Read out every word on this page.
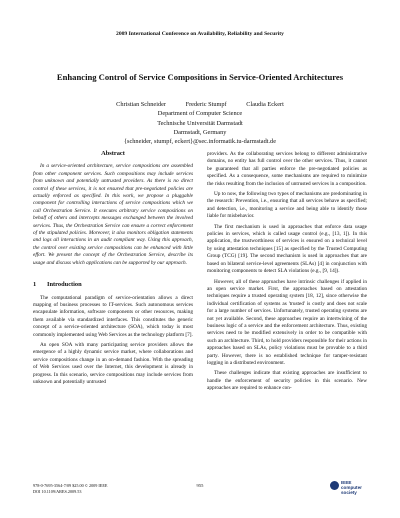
2009 International Conference on Availability, Reliability and Security
Enhancing Control of Service Compositions in Service-Oriented Architectures
Christian Schneider	Frederic Stumpf	Claudia Eckert
Department of Computer Science
Technische Universität Darmstadt
Darmstadt, Germany
{schneider, stumpf, eckert}@sec.informatik.tu-darmstadt.de
Abstract

In a service-oriented architecture, service compositions are assembled from other component services. Such compositions may include services from unknown and potentially untrusted providers. As there is no direct control of these services, it is not ensured that pre-negotiated policies are actually enforced as specified. In this work, we propose a pluggable component for controlling interactions of service compositions which we call Orchestration Service. It executes arbitrary service compositions on behalf of others and intercepts messages exchanged between the involved services. Thus, the Orchestration Service can ensure a correct enforcement of the stipulated policies. Moreover, it also monitors obligation statements and logs all interactions in an audit compliant way. Using this approach, the control over existing service compositions can be enhanced with little effort. We present the concept of the Orchestration Service, describe its usage and discuss which applications can be supported by our approach.

1 Introduction

The computational paradigm of service-orientation allows a direct mapping of business processes to IT-services. Such autonomous services encapsulate information, software components or other resources, making them available via standardized interfaces. This constitutes the generic concept of a service-oriented architecture (SOA), which today is most commonly implemented using Web Services as the technology platform [7].

An open SOA with many participating service providers allows the emergence of a highly dynamic service market, where collaborations and service compositions change in an on-demand fashion. With the spreading of Web Services used over the Internet, this development is already in progress. In this scenario, service compositions may include services from unknown and potentially untrusted

providers. As the collaborating services belong to different administrative domains, no entity has full control over the other services. Thus, it cannot be guaranteed that all parties enforce the pre-negotiated policies as specified. As a consequence, some mechanisms are required to minimize the risks resulting from the inclusion of untrusted services in a composition.

Up to now, the following two types of mechanisms are predominating in the research: Prevention, i.e., ensuring that all services behave as specified; and detection, i.e., monitoring a service and being able to identify those liable for misbehavior.

The first mechanism is used in approaches that enforce data usage policies in services, which is called usage control (e.g., [13, 1]). In this application, the trustworthiness of services is ensured on a technical level by using attestation techniques [15] as specified by the Trusted Computing Group (TCG) [19]. The second mechanism is used in approaches that are based on bilateral service-level agreements (SLAs) [4] in conjunction with monitoring components to detect SLA violations (e.g., [9, 14]).

However, all of these approaches have intrinsic challenges if applied in an open service market. First, the approaches based on attestation techniques require a trusted operating system [18, 12], since otherwise the individual certification of systems as 'trusted' is costly and does not scale for a large number of services. Unfortunately, trusted operating systems are not yet available. Second, these approaches require an intertwining of the business logic of a service and the enforcement architecture. Thus, existing services need to be modified extensively in order to be compatible with such an architecture. Third, to hold providers responsible for their actions in approaches based on SLAs, policy violations must be provable to a third party. However, there is no established technique for tamper-resistant logging in a distributed environment.

These challenges indicate that existing approaches are insufficient to handle the enforcement of security policies in this scenario. New approaches are required to enhance con-

978-0-7695-3564-7/09 $25.00 © 2009 IEEE
DOI 10.1109/ARES.2009.53
955
IEEE
computer
society
